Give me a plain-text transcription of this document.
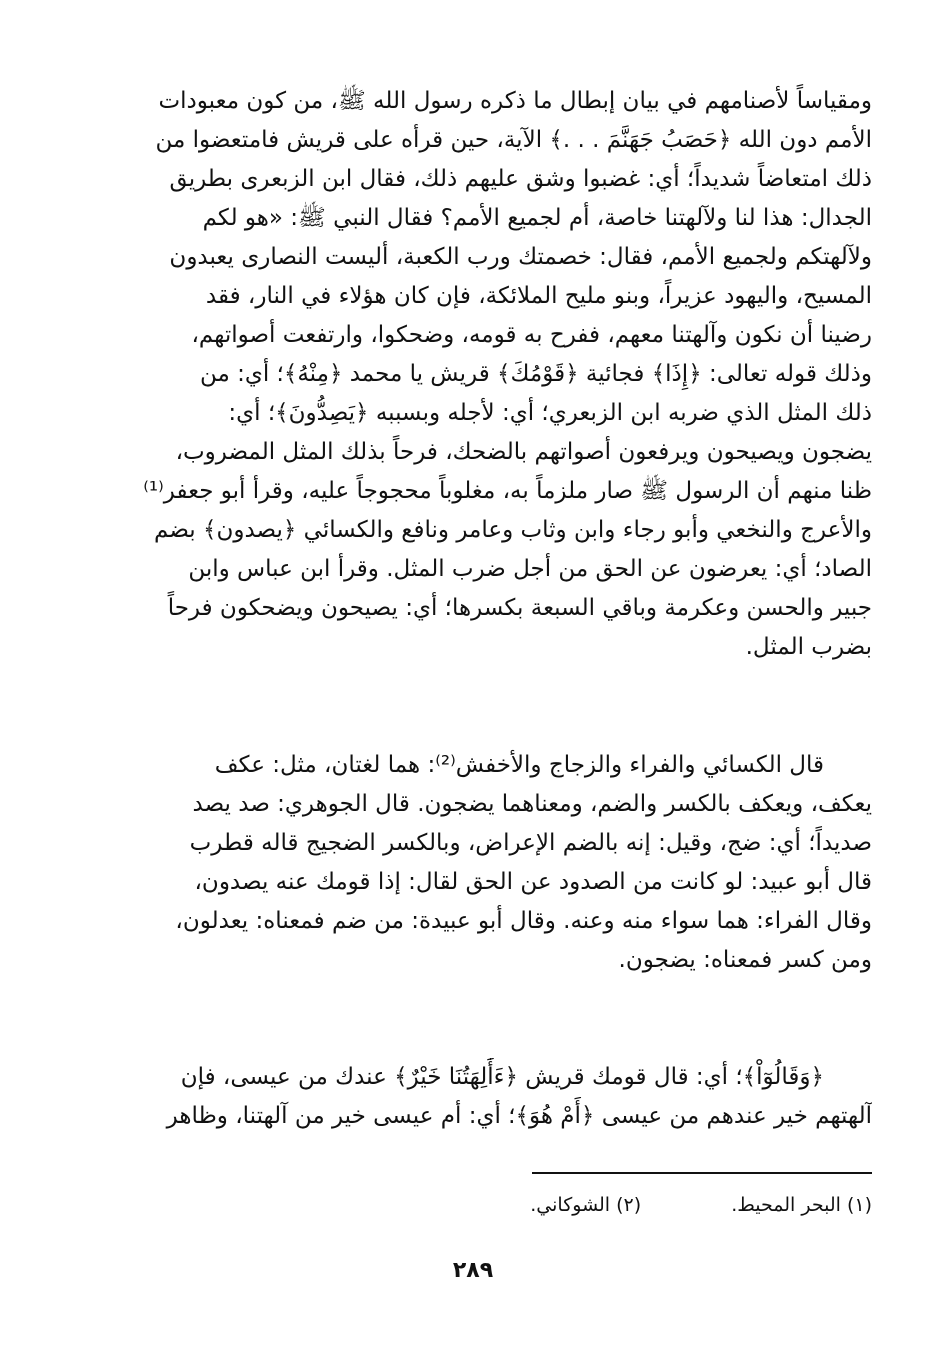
ومقياساً لأصنامهم في بيان إبطال ما ذكره رسول الله ﷺ، من كون معبودات
الأمم دون الله ﴿حَصَبُ جَهَنَّمَ . . .﴾ الآية، حين قرأه على قريش فامتعضوا من
ذلك امتعاضاً شديداً؛ أي: غضبوا وشق عليهم ذلك، فقال ابن الزبعرى بطريق
الجدال: هذا لنا ولآلهتنا خاصة، أم لجميع الأمم؟ فقال النبي ﷺ: «هو لكم
ولآلهتكم ولجميع الأمم، فقال: خصمتك ورب الكعبة، أليست النصارى يعبدون
المسيح، واليهود عزيراً، وبنو مليح الملائكة، فإن كان هؤلاء في النار، فقد
رضينا أن نكون وآلهتنا معهم، ففرح به قومه، وضحكوا، وارتفعت أصواتهم،
وذلك قوله تعالى: ﴿إِذَا﴾ فجائية ﴿قَوْمُكَ﴾ قريش يا محمد ﴿مِنْهُ﴾؛ أي: من
ذلك المثل الذي ضربه ابن الزبعري؛ أي: لأجله وبسببه ﴿يَصِدُّونَ﴾؛ أي:
يضجون ويصيحون ويرفعون أصواتهم بالضحك، فرحاً بذلك المثل المضروب،
ظنا منهم أن الرسول ﷺ صار ملزماً به، مغلوباً محجوجاً عليه، وقرأ أبو جعفر⁽¹⁾
والأعرج والنخعي وأبو رجاء وابن وثاب وعامر ونافع والكسائي ﴿يصدون﴾ بضم
الصاد؛ أي: يعرضون عن الحق من أجل ضرب المثل. وقرأ ابن عباس وابن
جبير والحسن وعكرمة وباقي السبعة بكسرها؛ أي: يصيحون ويضحكون فرحاً
بضرب المثل.
قال الكسائي والفراء والزجاج والأخفش⁽²⁾: هما لغتان، مثل: عكف
يعكف، ويعكف بالكسر والضم، ومعناهما يضجون. قال الجوهري: صد يصد
صديداً؛ أي: ضج، وقيل: إنه بالضم الإعراض، وبالكسر الضجيج قاله قطرب
قال أبو عبيد: لو كانت من الصدود عن الحق لقال: إذا قومك عنه يصدون،
وقال الفراء: هما سواء منه وعنه. وقال أبو عبيدة: من ضم فمعناه: يعدلون،
ومن كسر فمعناه: يضجون.
﴿وَقَالُوٓاْ﴾؛ أي: قال قومك قريش ﴿ءَأَٰلِهَتُنَا خَيْرٌ﴾ عندك من عيسى، فإن
آلهتهم خير عندهم من عيسى ﴿أَمْ هُوَ﴾؛ أي: أم عيسى خير من آلهتنا، وظاهر
(١) البحر المحيط.
(٢) الشوكاني.
٢٨٩
